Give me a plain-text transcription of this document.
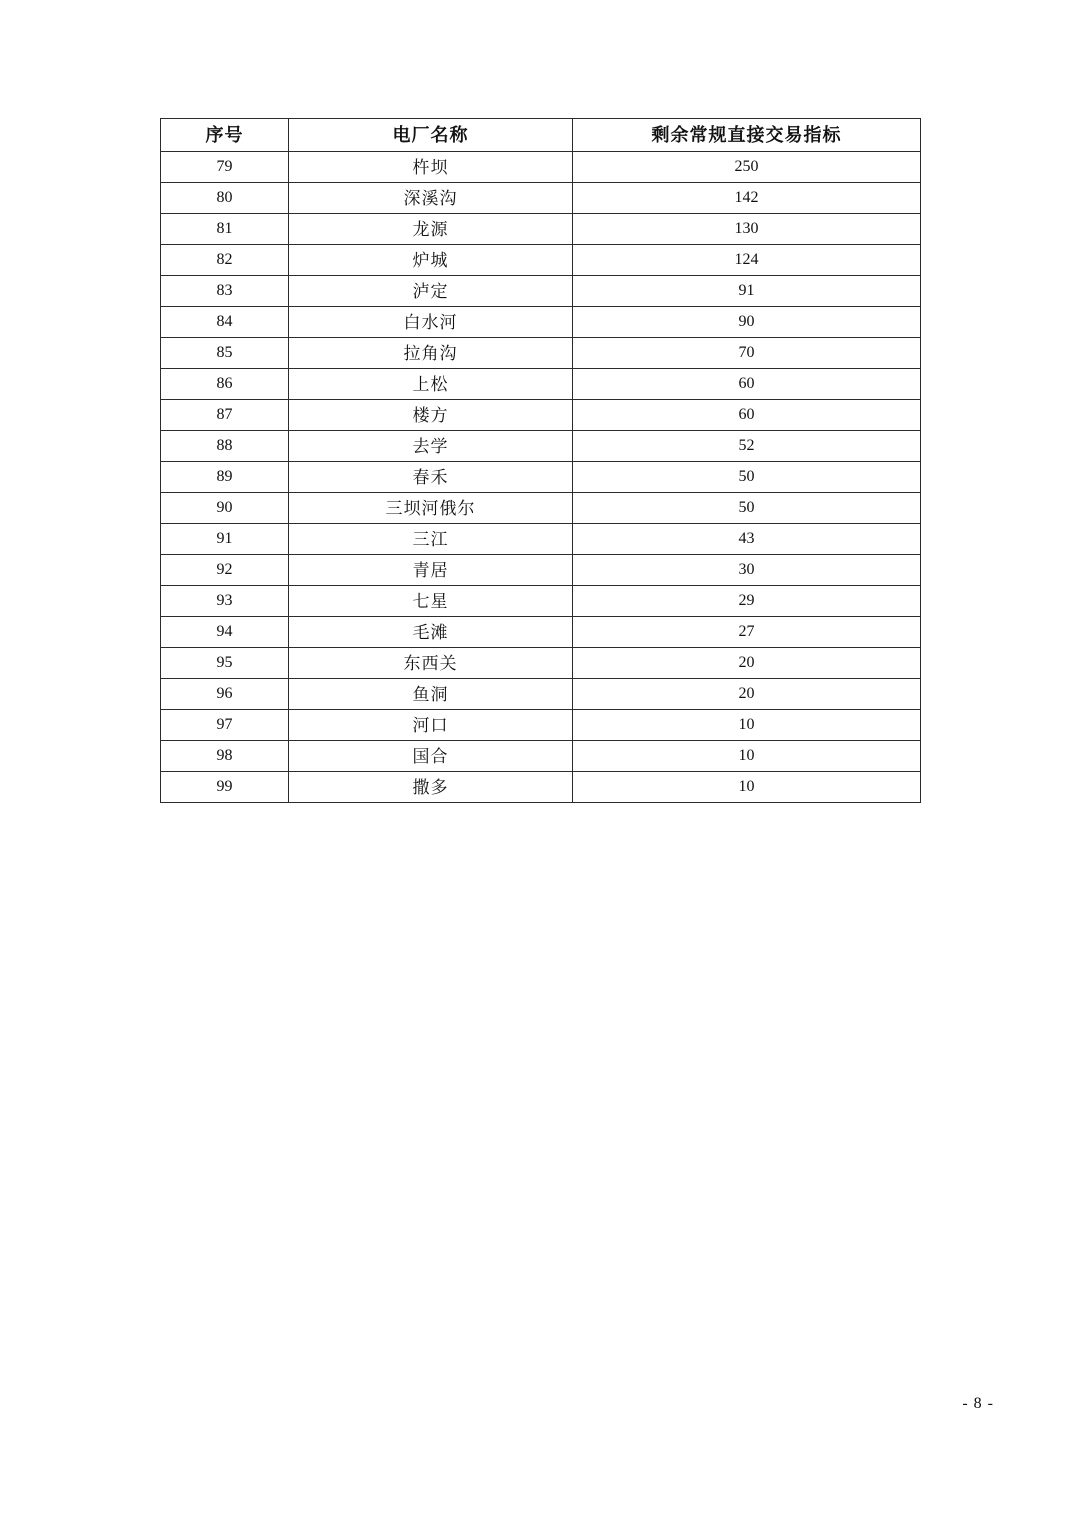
序号	电厂名称	剩余常规直接交易指标
79	杵坝	250
80	深溪沟	142
81	龙源	130
82	炉城	124
83	泸定	91
84	白水河	90
85	拉角沟	70
86	上松	60
87	楼方	60
88	去学	52
89	春禾	50
90	三坝河俄尔	50
91	三江	43
92	青居	30
93	七星	29
94	毛滩	27
95	东西关	20
96	鱼洞	20
97	河口	10
98	国合	10
99	撒多	10
- 8 -
